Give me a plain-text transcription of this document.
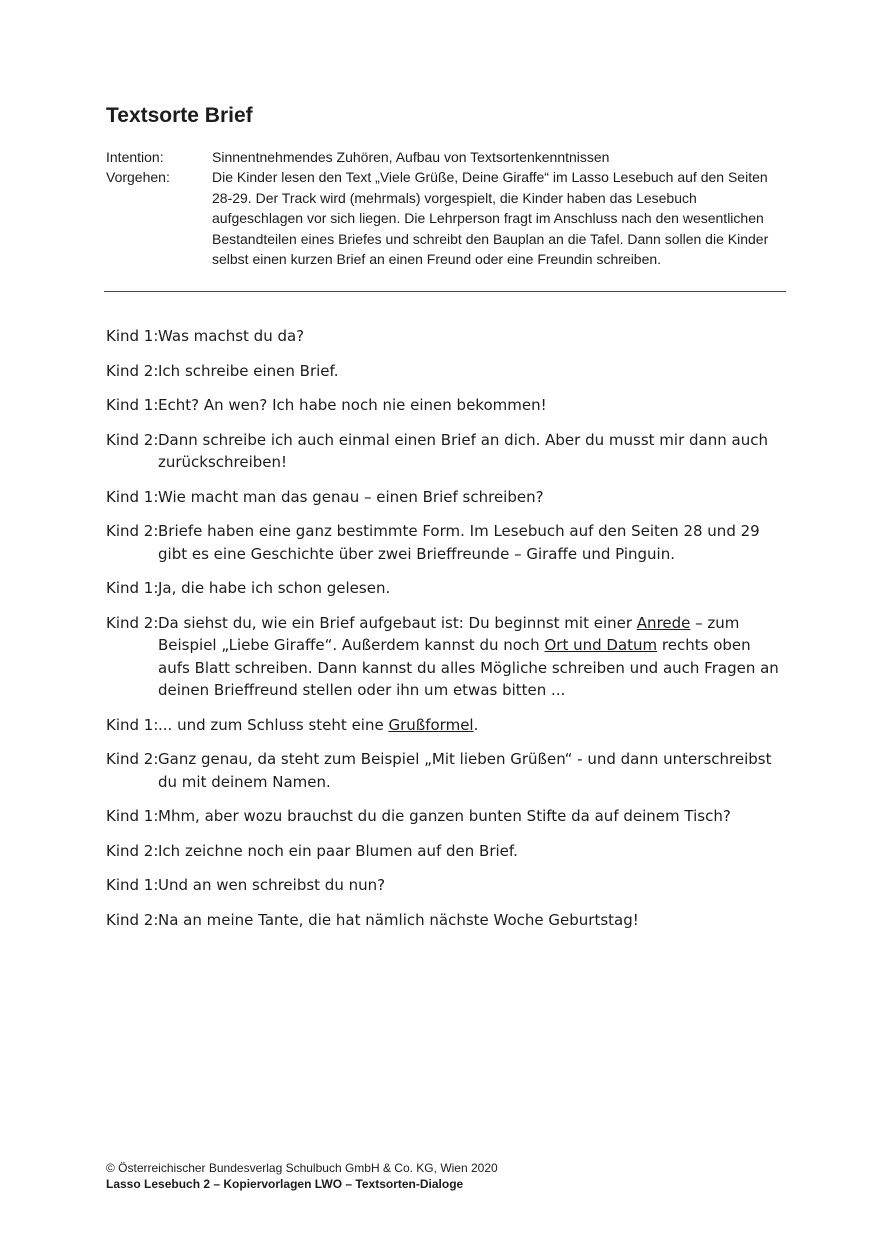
Textsorte Brief
Intention:	Sinnentnehmendes Zuhören, Aufbau von Textsortenkenntnissen
Vorgehen:	Die Kinder lesen den Text „Viele Grüße, Deine Giraffe“ im Lasso Lesebuch auf den Seiten 28-29. Der Track wird (mehrmals) vorgespielt, die Kinder haben das Lesebuch aufgeschlagen vor sich liegen. Die Lehrperson fragt im Anschluss nach den wesentlichen Bestandteilen eines Briefes und schreibt den Bauplan an die Tafel. Dann sollen die Kinder selbst einen kurzen Brief an einen Freund oder eine Freundin schreiben.
Kind 1: Was machst du da?
Kind 2: Ich schreibe einen Brief.
Kind 1: Echt? An wen? Ich habe noch nie einen bekommen!
Kind 2: Dann schreibe ich auch einmal einen Brief an dich. Aber du musst mir dann auch zurückschreiben!
Kind 1: Wie macht man das genau – einen Brief schreiben?
Kind 2: Briefe haben eine ganz bestimmte Form. Im Lesebuch auf den Seiten 28 und 29 gibt es eine Geschichte über zwei Brieffreunde – Giraffe und Pinguin.
Kind 1: Ja, die habe ich schon gelesen.
Kind 2: Da siehst du, wie ein Brief aufgebaut ist: Du beginnst mit einer Anrede – zum Beispiel „Liebe Giraffe“. Außerdem kannst du noch Ort und Datum rechts oben aufs Blatt schreiben. Dann kannst du alles Mögliche schreiben und auch Fragen an deinen Brieffreund stellen oder ihn um etwas bitten ...
Kind 1: ... und zum Schluss steht eine Grußformel.
Kind 2: Ganz genau, da steht zum Beispiel „Mit lieben Grüßen“ - und dann unterschreibst du mit deinem Namen.
Kind 1: Mhm, aber wozu brauchst du die ganzen bunten Stifte da auf deinem Tisch?
Kind 2: Ich zeichne noch ein paar Blumen auf den Brief.
Kind 1: Und an wen schreibst du nun?
Kind 2: Na an meine Tante, die hat nämlich nächste Woche Geburtstag!
© Österreichischer Bundesverlag Schulbuch GmbH & Co. KG, Wien 2020
Lasso Lesebuch 2 – Kopiervorlagen LWO – Textsorten-Dialoge
